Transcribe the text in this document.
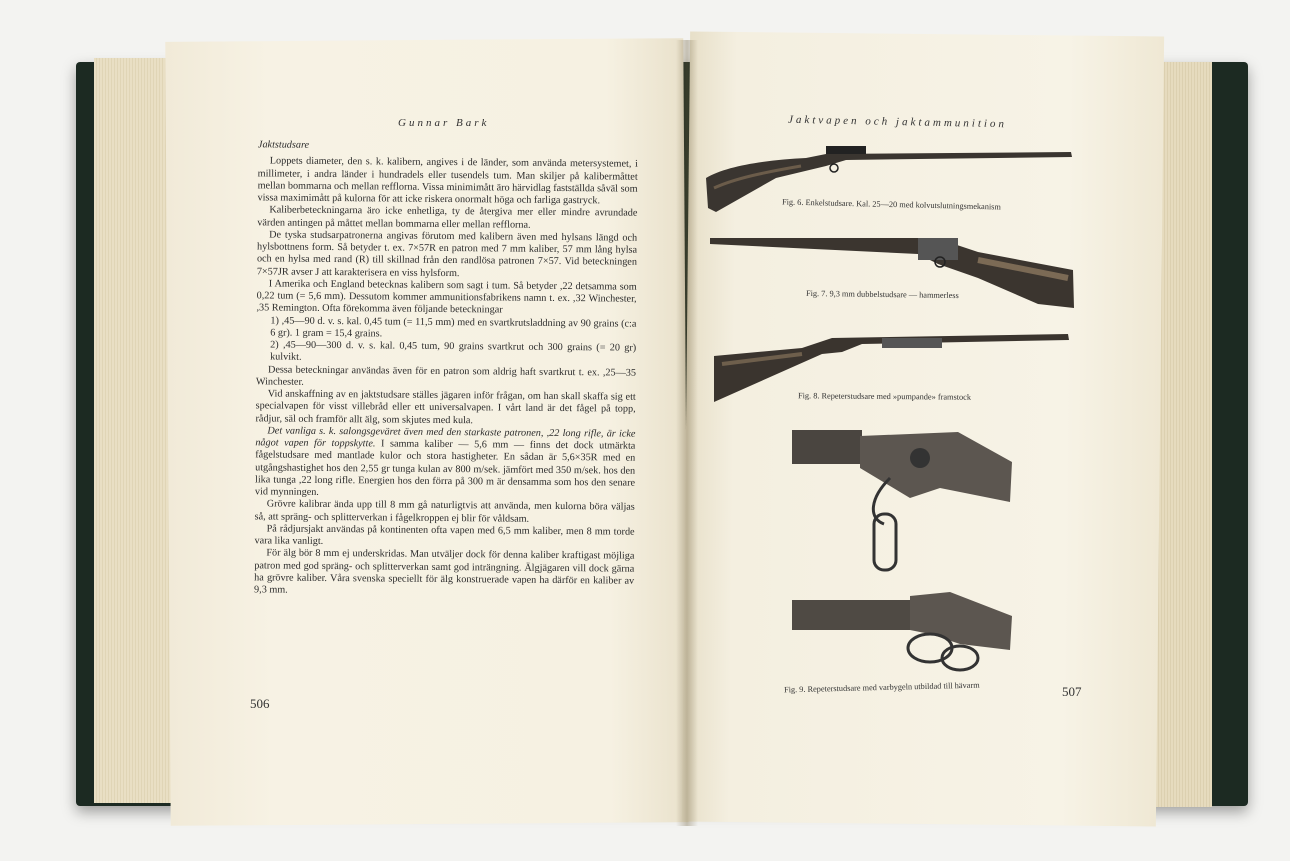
Gunnar Bark

Jaktstudsare

Loppets diameter, den s. k. kalibern, angives i de länder, som använda metersystemet, i millimeter, i andra länder i hundradels eller tusendels tum. Man skiljer på kalibermåttet mellan bommarna och mellan refflorna. Vissa minimimått äro härvidlag fastställda såväl som vissa maximimått på kulorna för att icke riskera onormalt höga och farliga gastryck.

Kaliberbeteckningarna äro icke enhetliga, ty de återgiva mer eller mindre avrundade värden antingen på måttet mellan bommarna eller mellan refflorna.

De tyska studsarpatronerna angivas förutom med kalibern även med hylsans längd och hylsbottnens form. Så betyder t. ex. 7×57R en patron med 7 mm kaliber, 57 mm lång hylsa och en hylsa med rand (R) till skillnad från den randlösa patronen 7×57. Vid beteckningen 7×57JR avser J att karakterisera en viss hylsform.

I Amerika och England betecknas kalibern som sagt i tum. Så betyder ,22 detsamma som 0,22 tum (= 5,6 mm). Dessutom kommer ammunitionsfabrikens namn t. ex. ,32 Winchester, ,35 Remington. Ofta förekomma även följande beteckningar

1) ,45—90 d. v. s. kal. 0,45 tum (= 11,5 mm) med en svartkrutsladdning av 90 grains (c:a 6 gr). 1 gram = 15,4 grains.

2) ,45—90—300 d. v. s. kal. 0,45 tum, 90 grains svartkrut och 300 grains (= 20 gr) kulvikt.

Dessa beteckningar användas även för en patron som aldrig haft svartkrut t. ex. ,25—35 Winchester.

Vid anskaffning av en jaktstudsare ställes jägaren inför frågan, om han skall skaffa sig ett specialvapen för visst villebråd eller ett universalvapen. I vårt land är det fågel på topp, rådjur, säl och framför allt älg, som skjutes med kula.

Det vanliga s. k. salongsgeväret även med den starkaste patronen, ,22 long rifle, är icke något vapen för toppskytte. I samma kaliber — 5,6 mm — finns det dock utmärkta fågelstudsare med mantlade kulor och stora hastigheter. En sådan är 5,6×35R med en utgångshastighet hos den 2,55 gr tunga kulan av 800 m/sek. jämfört med 350 m/sek. hos den lika tunga ,22 long rifle. Energien hos den förra på 300 m är densamma som hos den senare vid mynningen.

Grövre kalibrar ända upp till 8 mm gå naturligtvis att använda, men kulorna böra väljas så, att spräng- och splitterverkan i fågelkroppen ej blir för våldsam.

På rådjursjakt användas på kontinenten ofta vapen med 6,5 mm kaliber, men 8 mm torde vara lika vanligt.

För älg bör 8 mm ej underskridas. Man utväljer dock för denna kaliber kraftigast möjliga patron med god spräng- och splitterverkan samt god inträngning. Älgjägaren vill dock gärna ha grövre kaliber. Våra svenska speciellt för älg konstruerade vapen ha därför en kaliber av 9,3 mm.

506
Jaktvapen och jaktammunition
Fig. 6. Enkelstudsare. Kal. 25—20 med kolvutslutningsmekanism
Fig. 7. 9,3 mm dubbelstudsare — hammerless
Fig. 8. Repeterstudsare med »pumpande» framstock
Fig. 9. Repeterstudsare med varbygeln utbildad till hävarm	507
